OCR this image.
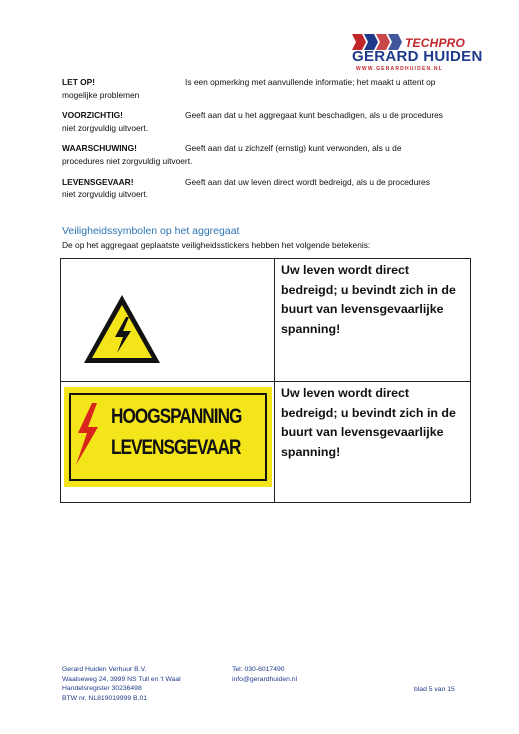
TECHPRO
GERARD HUIDEN
WWW.GERARDHUIDEN.NL
LET OP!	Is een opmerking met aanvullende informatie; het maakt u attent op
mogelijke problemen
VOORZICHTIG!	Geeft aan dat u het aggregaat kunt beschadigen, als u de procedures
niet zorgvuldig uitvoert.
WAARSCHUWING!	Geeft aan dat u zichzelf (ernstig) kunt verwonden, als u de
procedures niet zorgvuldig uitvoert.
LEVENSGEVAAR!	Geeft aan dat uw leven direct wordt bedreigd, als u de procedures
niet zorgvuldig uitvoert.
Veiligheidssymbolen op het aggregaat
De op het aggregaat geplaatste veiligheidsstickers hebben het volgende betekenis:
	Uw leven wordt direct bedreigd; u bevindt zich in de buurt van levensgevaarlijke spanning!

HOOGSPANNING
LEVENSGEVAAR	Uw leven wordt direct bedreigd; u bevindt zich in de buurt van levensgevaarlijke spanning!
Gerard Huiden Verhuur B.V.
Waalseweg 24, 3999 NS Tull en 't Waal
Handelsregister 30236498
BTW nr. NL819019999 B.01
Tel: 030-6017490
info@gerardhuiden.nl
blad 5 van 15
